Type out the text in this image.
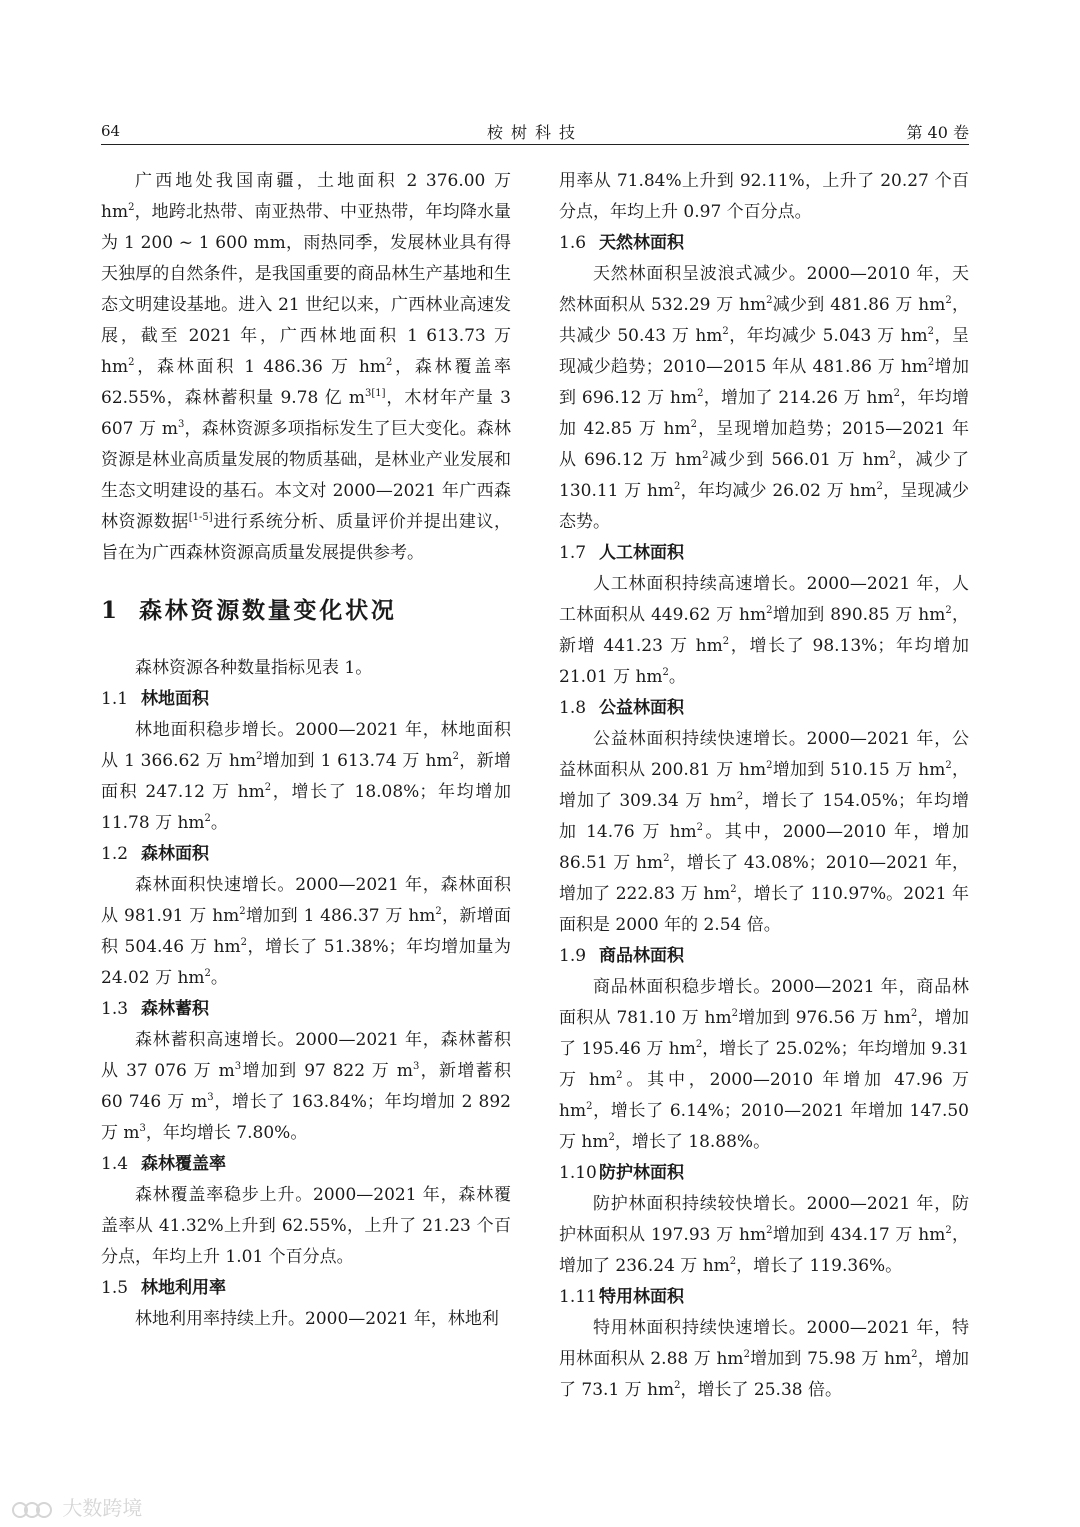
64	桉树科技	第 40 卷

广西地处我国南疆，土地面积 2 376.00 万 $hm^2$，地跨北热带、南亚热带、中亚热带，年均降水量为 1 200 ~ 1 600 mm，雨热同季，发展林业具有得天独厚的自然条件，是我国重要的商品林生产基地和生态文明建设基地。进入 21 世纪以来，广西林业高速发展，截至 2021 年，广西林地面积 1 613.73 万 $hm^2$，森林面积 1 486.36 万 $hm^2$，森林覆盖率 62.55%，森林蓄积量 9.78 亿 $m^{3[1]}$，木材年产量 3 607 万 $m^3$，森林资源多项指标发生了巨大变化。森林资源是林业高质量发展的物质基础，是林业产业发展和生态文明建设的基石。本文对 2000—2021 年广西森林资源数据[1-5]进行系统分析、质量评价并提出建议，旨在为广西森林资源高质量发展提供参考。

1 森林资源数量变化状况

森林资源各种数量指标见表 1。

1.1 林地面积

林地面积稳步增长。2000—2021 年，林地面积从 1 366.62 万 $hm^2$增加到 1 613.74 万 $hm^2$，新增面积 247.12 万 $hm^2$，增长了 18.08%；年均增加 11.78 万 $hm^2$。

1.2 森林面积

森林面积快速增长。2000—2021 年，森林面积从 981.91 万 $hm^2$增加到 1 486.37 万 $hm^2$，新增面积 504.46 万 $hm^2$，增长了 51.38%；年均增加量为 24.02 万 $hm^2$。

1.3 森林蓄积

森林蓄积高速增长。2000—2021 年，森林蓄积从 37 076 万 $m^3$增加到 97 822 万 $m^3$，新增蓄积 60 746 万 $m^3$，增长了 163.84%；年均增加 2 892 万 $m^3$，年均增长 7.80%。

1.4 森林覆盖率

森林覆盖率稳步上升。2000—2021 年，森林覆盖率从 41.32%上升到 62.55%，上升了 21.23 个百分点，年均上升 1.01 个百分点。

1.5 林地利用率

林地利用率持续上升。2000—2021 年，林地利

用率从 71.84%上升到 92.11%，上升了 20.27 个百分点，年均上升 0.97 个百分点。

1.6 天然林面积

天然林面积呈波浪式减少。2000—2010 年，天然林面积从 532.29 万 $hm^2$减少到 481.86 万 $hm^2$，共减少 50.43 万 $hm^2$，年均减少 5.043 万 $hm^2$，呈现减少趋势；2010—2015 年从 481.86 万 $hm^2$增加到 696.12 万 $hm^2$，增加了 214.26 万 $hm^2$，年均增加 42.85 万 $hm^2$，呈现增加趋势；2015—2021 年从 696.12 万 $hm^2$减少到 566.01 万 $hm^2$，减少了 130.11 万 $hm^2$，年均减少 26.02 万 $hm^2$，呈现减少态势。

1.7 人工林面积

人工林面积持续高速增长。2000—2021 年，人工林面积从 449.62 万 $hm^2$增加到 890.85 万 $hm^2$，新增 441.23 万 $hm^2$，增长了 98.13%；年均增加 21.01 万 $hm^2$。

1.8 公益林面积

公益林面积持续快速增长。2000—2021 年，公益林面积从 200.81 万 $hm^2$增加到 510.15 万 $hm^2$，增加了 309.34 万 $hm^2$，增长了 154.05%；年均增加 14.76 万 $hm^2$。其中，2000—2010 年，增加 86.51 万 $hm^2$，增长了 43.08%；2010—2021 年，增加了 222.83 万 $hm^2$，增长了 110.97%。2021 年面积是 2000 年的 2.54 倍。

1.9 商品林面积

商品林面积稳步增长。2000—2021 年，商品林面积从 781.10 万 $hm^2$增加到 976.56 万 $hm^2$，增加了 195.46 万 $hm^2$，增长了 25.02%；年均增加 9.31 万 $hm^2$。其中，2000—2010 年增加 47.96 万 $hm^2$，增长了 6.14%；2010—2021 年增加 147.50 万 $hm^2$，增长了 18.88%。

1.10 防护林面积

防护林面积持续较快增长。2000—2021 年，防护林面积从 197.93 万 $hm^2$增加到 434.17 万 $hm^2$，增加了 236.24 万 $hm^2$，增长了 119.36%。

1.11 特用林面积

特用林面积持续快速增长。2000—2021 年，特用林面积从 2.88 万 $hm^2$增加到 75.98 万 $hm^2$，增加了 73.1 万 $hm^2$，增长了 25.38 倍。

大数跨境
